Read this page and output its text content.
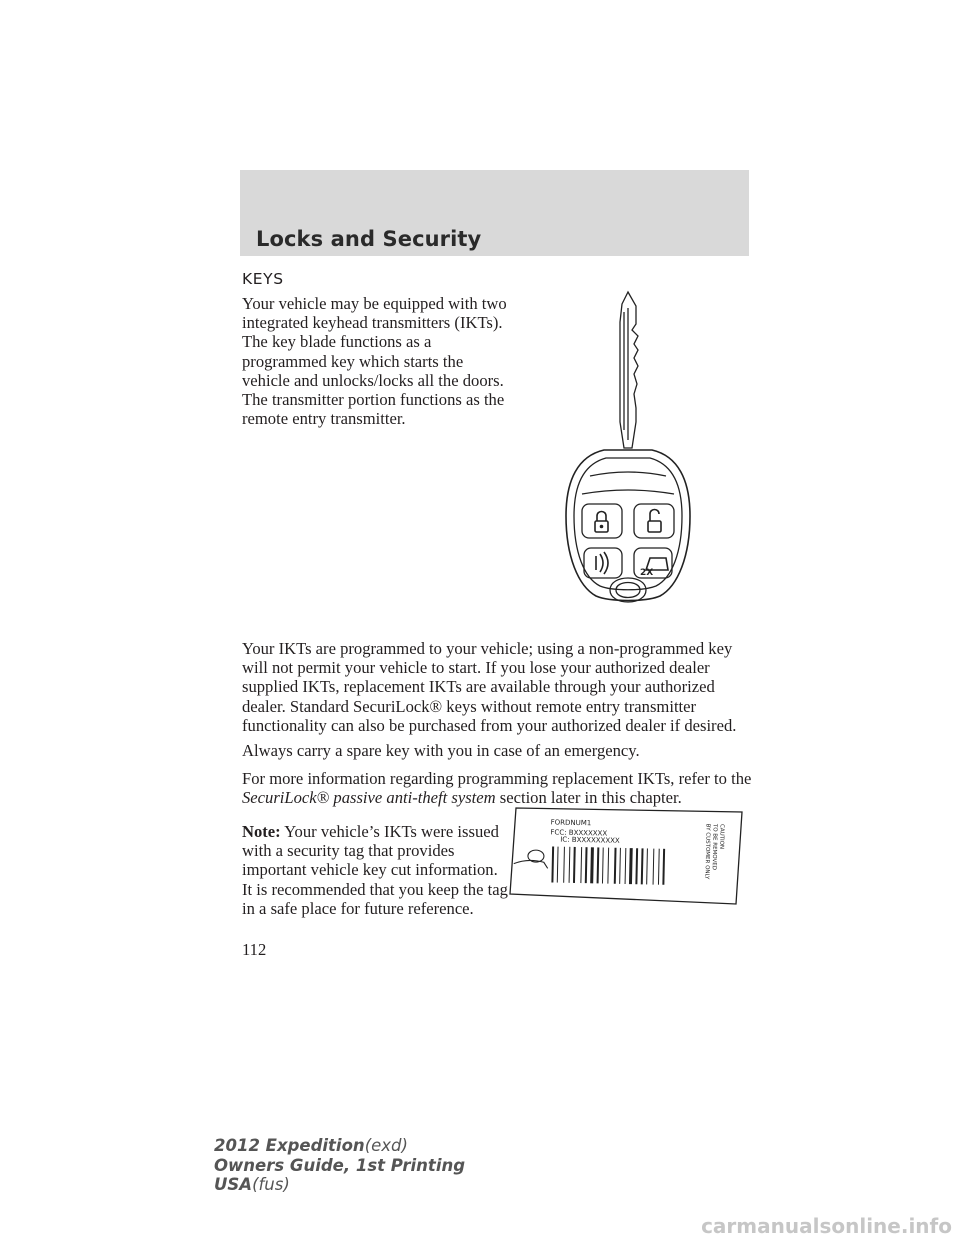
Locks and Security
KEYS

Your vehicle may be equipped with two integrated keyhead transmitters (IKTs). The key blade functions as a programmed key which starts the vehicle and unlocks/locks all the doors. The transmitter portion functions as the remote entry transmitter.

2X

Your IKTs are programmed to your vehicle; using a non-programmed key will not permit your vehicle to start. If you lose your authorized dealer supplied IKTs, replacement IKTs are available through your authorized dealer. Standard SecuriLock® keys without remote entry transmitter functionality can also be purchased from your authorized dealer if desired.

Always carry a spare key with you in case of an emergency.

For more information regarding programming replacement IKTs, refer to the SecuriLock® passive anti-theft system section later in this chapter.

Note: Your vehicle’s IKTs were issued with a security tag that provides important vehicle key cut information. It is recommended that you keep the tag in a safe place for future reference.

FORDNUM1
FCC: BXXXXXXX
IC: BXXXXXXXXX	CAUTION
TO BE REMOVED
BY CUSTOMER ONLY

112

2012 Expedition(exd)
Owners Guide, 1st Printing
USA(fus)
carmanualsonline.info
